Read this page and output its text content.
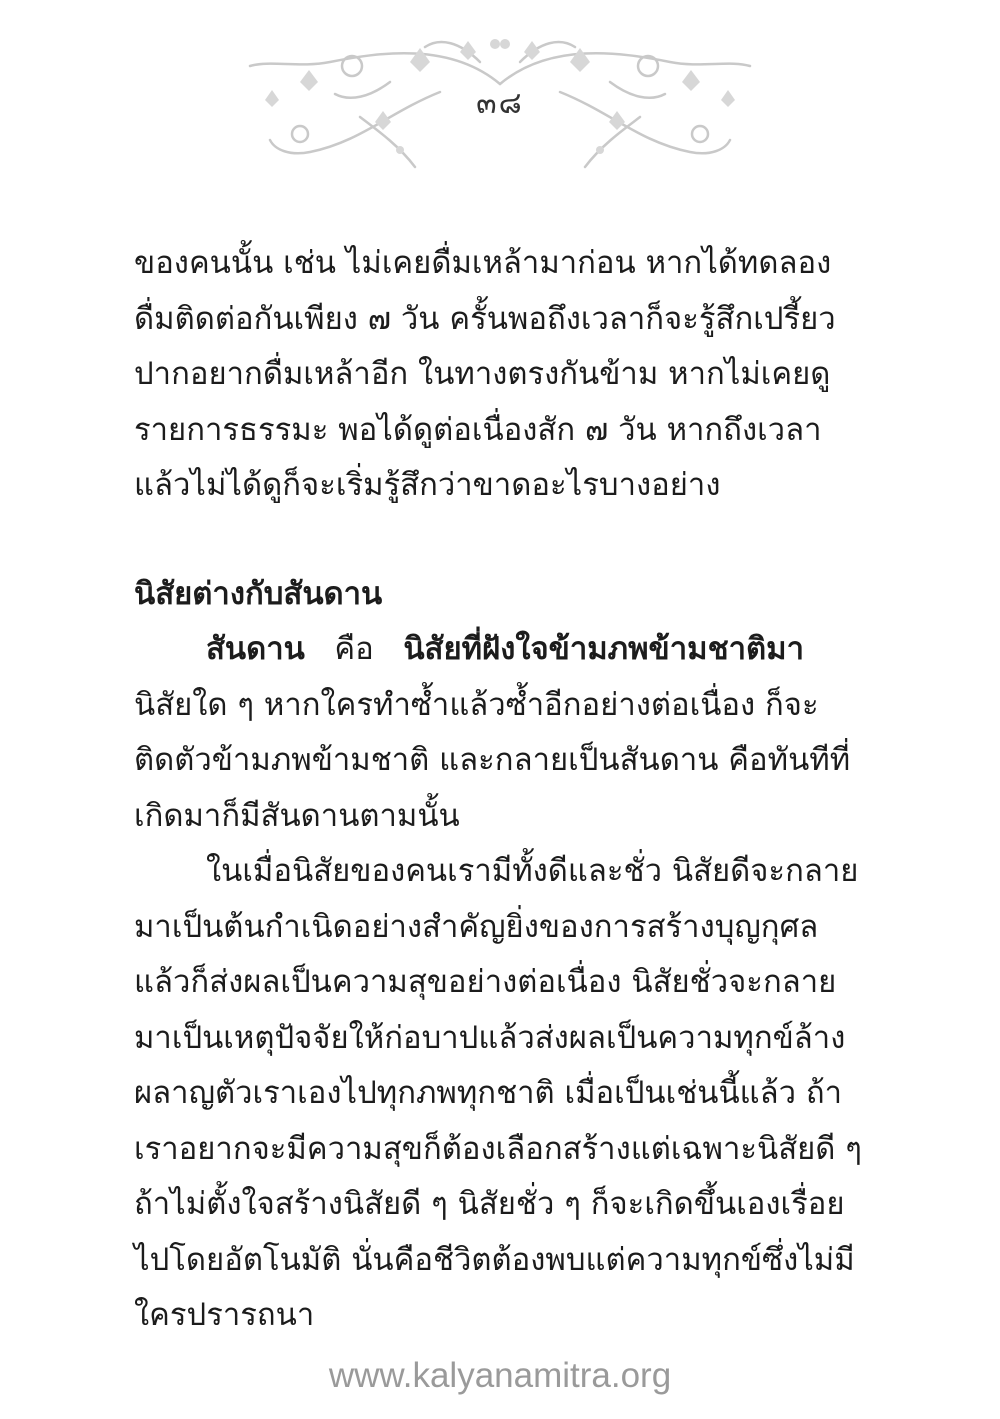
๓๘
ของคนนั้น เช่น ไม่เคยดื่มเหล้ามาก่อน หากได้ทดลอง
ดื่มติดต่อกันเพียง ๗ วัน ครั้นพอถึงเวลาก็จะรู้สึกเปรี้ยว
ปากอยากดื่มเหล้าอีก ในทางตรงกันข้าม หากไม่เคยดู
รายการธรรมะ พอได้ดูต่อเนื่องสัก ๗ วัน หากถึงเวลา
แล้วไม่ได้ดูก็จะเริ่มรู้สึกว่าขาดอะไรบางอย่าง
นิสัยต่างกับสันดาน
สันดาน คือ นิสัยที่ฝังใจข้ามภพข้ามชาติมา
นิสัยใด ๆ หากใครทำซ้ำแล้วซ้ำอีกอย่างต่อเนื่อง ก็จะ
ติดตัวข้ามภพข้ามชาติ และกลายเป็นสันดาน คือทันทีที่
เกิดมาก็มีสันดานตามนั้น
ในเมื่อนิสัยของคนเรามีทั้งดีและชั่ว นิสัยดีจะกลาย
มาเป็นต้นกำเนิดอย่างสำคัญยิ่งของการสร้างบุญกุศล
แล้วก็ส่งผลเป็นความสุขอย่างต่อเนื่อง นิสัยชั่วจะกลาย
มาเป็นเหตุปัจจัยให้ก่อบาปแล้วส่งผลเป็นความทุกข์ล้าง
ผลาญตัวเราเองไปทุกภพทุกชาติ เมื่อเป็นเช่นนี้แล้ว ถ้า
เราอยากจะมีความสุขก็ต้องเลือกสร้างแต่เฉพาะนิสัยดี ๆ
ถ้าไม่ตั้งใจสร้างนิสัยดี ๆ นิสัยชั่ว ๆ ก็จะเกิดขึ้นเองเรื่อย
ไปโดยอัตโนมัติ นั่นคือชีวิตต้องพบแต่ความทุกข์ซึ่งไม่มี
ใครปรารถนา
www.kalyanamitra.org
